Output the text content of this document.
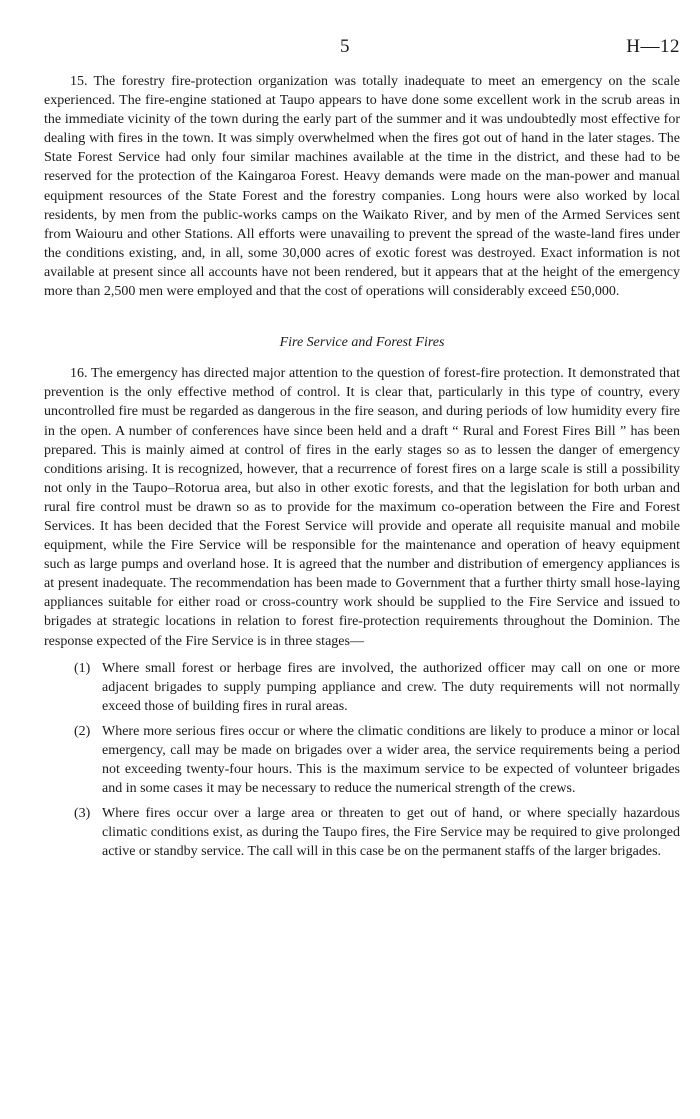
5	H—12

15. The forestry fire-protection organization was totally inadequate to meet an emergency on the scale experienced. The fire-engine stationed at Taupo appears to have done some excellent work in the scrub areas in the immediate vicinity of the town during the early part of the summer and it was undoubtedly most effective for dealing with fires in the town. It was simply overwhelmed when the fires got out of hand in the later stages. The State Forest Service had only four similar machines available at the time in the district, and these had to be reserved for the protection of the Kaingaroa Forest. Heavy demands were made on the man-power and manual equipment resources of the State Forest and the forestry companies. Long hours were also worked by local residents, by men from the public-works camps on the Waikato River, and by men of the Armed Services sent from Waiouru and other Stations. All efforts were unavailing to prevent the spread of the waste-land fires under the conditions existing, and, in all, some 30,000 acres of exotic forest was destroyed. Exact information is not available at present since all accounts have not been rendered, but it appears that at the height of the emergency more than 2,500 men were employed and that the cost of operations will considerably exceed £50,000.

Fire Service and Forest Fires

16. The emergency has directed major attention to the question of forest-fire protection. It demonstrated that prevention is the only effective method of control. It is clear that, particularly in this type of country, every uncontrolled fire must be regarded as dangerous in the fire season, and during periods of low humidity every fire in the open. A number of conferences have since been held and a draft “ Rural and Forest Fires Bill ” has been prepared. This is mainly aimed at control of fires in the early stages so as to lessen the danger of emergency conditions arising. It is recognized, however, that a recurrence of forest fires on a large scale is still a possibility not only in the Taupo–Rotorua area, but also in other exotic forests, and that the legislation for both urban and rural fire control must be drawn so as to provide for the maximum co-operation between the Fire and Forest Services. It has been decided that the Forest Service will provide and operate all requisite manual and mobile equipment, while the Fire Service will be responsible for the maintenance and operation of heavy equipment such as large pumps and overland hose. It is agreed that the number and distribution of emergency appliances is at present inadequate. The recommendation has been made to Government that a further thirty small hose-laying appliances suitable for either road or cross-country work should be supplied to the Fire Service and issued to brigades at strategic locations in relation to forest fire-protection requirements throughout the Dominion. The response expected of the Fire Service is in three stages—

(1) Where small forest or herbage fires are involved, the authorized officer may call on one or more adjacent brigades to supply pumping appliance and crew. The duty requirements will not normally exceed those of building fires in rural areas.
(2) Where more serious fires occur or where the climatic conditions are likely to produce a minor or local emergency, call may be made on brigades over a wider area, the service requirements being a period not exceeding twenty-four hours. This is the maximum service to be expected of volunteer brigades and in some cases it may be necessary to reduce the numerical strength of the crews.
(3) Where fires occur over a large area or threaten to get out of hand, or where specially hazardous climatic conditions exist, as during the Taupo fires, the Fire Service may be required to give prolonged active or standby service. The call will in this case be on the permanent staffs of the larger brigades.
